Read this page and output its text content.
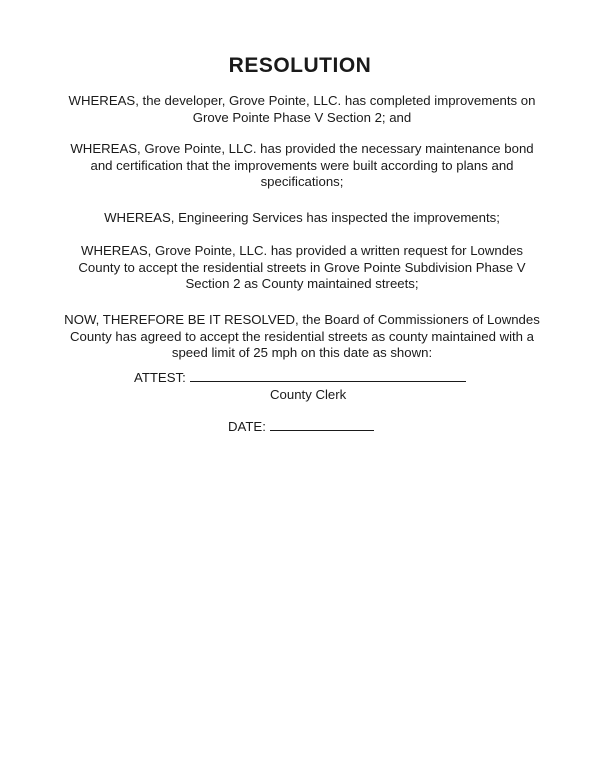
RESOLUTION

WHEREAS, the developer, Grove Pointe, LLC. has completed improvements on
Grove Pointe Phase V Section 2; and

WHEREAS, Grove Pointe, LLC. has provided the necessary maintenance bond
and certification that the improvements were built according to plans and
specifications;

WHEREAS, Engineering Services has inspected the improvements;

WHEREAS, Grove Pointe, LLC. has provided a written request for Lowndes
County to accept the residential streets in Grove Pointe Subdivision Phase V
Section 2 as County maintained streets;

NOW, THEREFORE BE IT RESOLVED, the Board of Commissioners of Lowndes
County has agreed to accept the residential streets as county maintained with a
speed limit of 25 mph on this date as shown:

ATTEST:
County Clerk
DATE:
